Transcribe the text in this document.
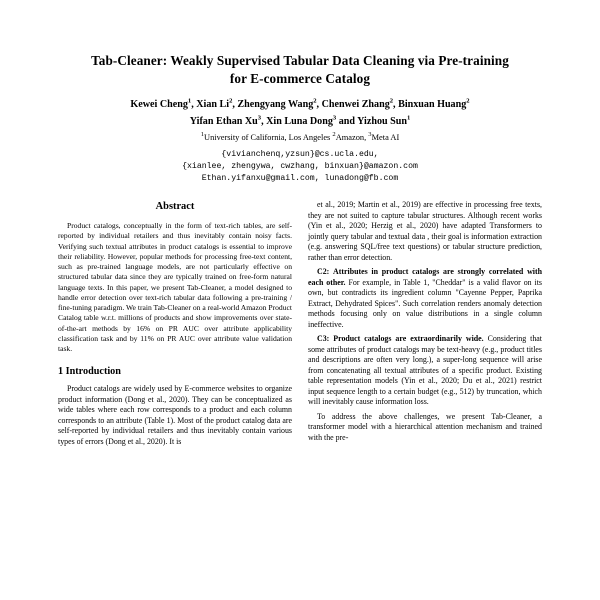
Tab-Cleaner: Weakly Supervised Tabular Data Cleaning via Pre-training
for E-commerce Catalog
Kewei Cheng$^1$, Xian Li$^2$, Zhengyang Wang$^2$, Chenwei Zhang$^2$, Binxuan Huang$^2$
Yifan Ethan Xu$^3$, Xin Luna Dong$^3$ and Yizhou Sun$^1$
$^1$University of California, Los Angeles $^2$Amazon, $^3$Meta AI
{vivianchenq,yzsun}@cs.ucla.edu,
{xianlee, zhengywa, cwzhang, binxuan}@amazon.com
Ethan.yifanxu@gmail.com, lunadong@fb.com
Abstract

Product catalogs, conceptually in the form of text-rich tables, are self-reported by individual retailers and thus inevitably contain noisy facts. Verifying such textual attributes in product catalogs is essential to improve their reliability. However, popular methods for processing free-text content, such as pre-trained language models, are not particularly effective on structured tabular data since they are typically trained on free-form natural language texts. In this paper, we present Tab-Cleaner, a model designed to handle error detection over text-rich tabular data following a pre-training / fine-tuning paradigm. We train Tab-Cleaner on a real-world Amazon Product Catalog table w.r.t. millions of products and show improvements over state-of-the-art methods by 16% on PR AUC over attribute applicability classification task and by 11% on PR AUC over attribute value validation task.

1 Introduction

Product catalogs are widely used by E-commerce websites to organize product information (Dong et al., 2020). They can be conceptualized as wide tables where each row corresponds to a product and each column corresponds to an attribute (Table 1). Most of the product catalog data are self-reported by individual retailers and thus inevitably contain various types of errors (Dong et al., 2020). It is

et al., 2019; Martin et al., 2019) are effective in processing free texts, they are not suited to capture tabular structures. Although recent works (Yin et al., 2020; Herzig et al., 2020) have adapted Transformers to jointly query tabular and textual data , their goal is information extraction (e.g. answering SQL/free text questions) or tabular structure prediction, rather than error detection.

C2: Attributes in product catalogs are strongly correlated with each other. For example, in Table 1, "Cheddar" is a valid flavor on its own, but contradicts its ingredient column "Cayenne Pepper, Paprika Extract, Dehydrated Spices". Such correlation renders anomaly detection methods focusing only on value distributions in a single column ineffective.

C3: Product catalogs are extraordinarily wide. Considering that some attributes of product catalogs may be text-heavy (e.g., product titles and descriptions are often very long.), a super-long sequence will arise from concatenating all textual attributes of a specific product. Existing table representation models (Yin et al., 2020; Du et al., 2021) restrict input sequence length to a certain budget (e.g., 512) by truncation, which will inevitably cause information loss.

To address the above challenges, we present Tab-Cleaner, a transformer model with a hierarchical attention mechanism and trained with the pre-
